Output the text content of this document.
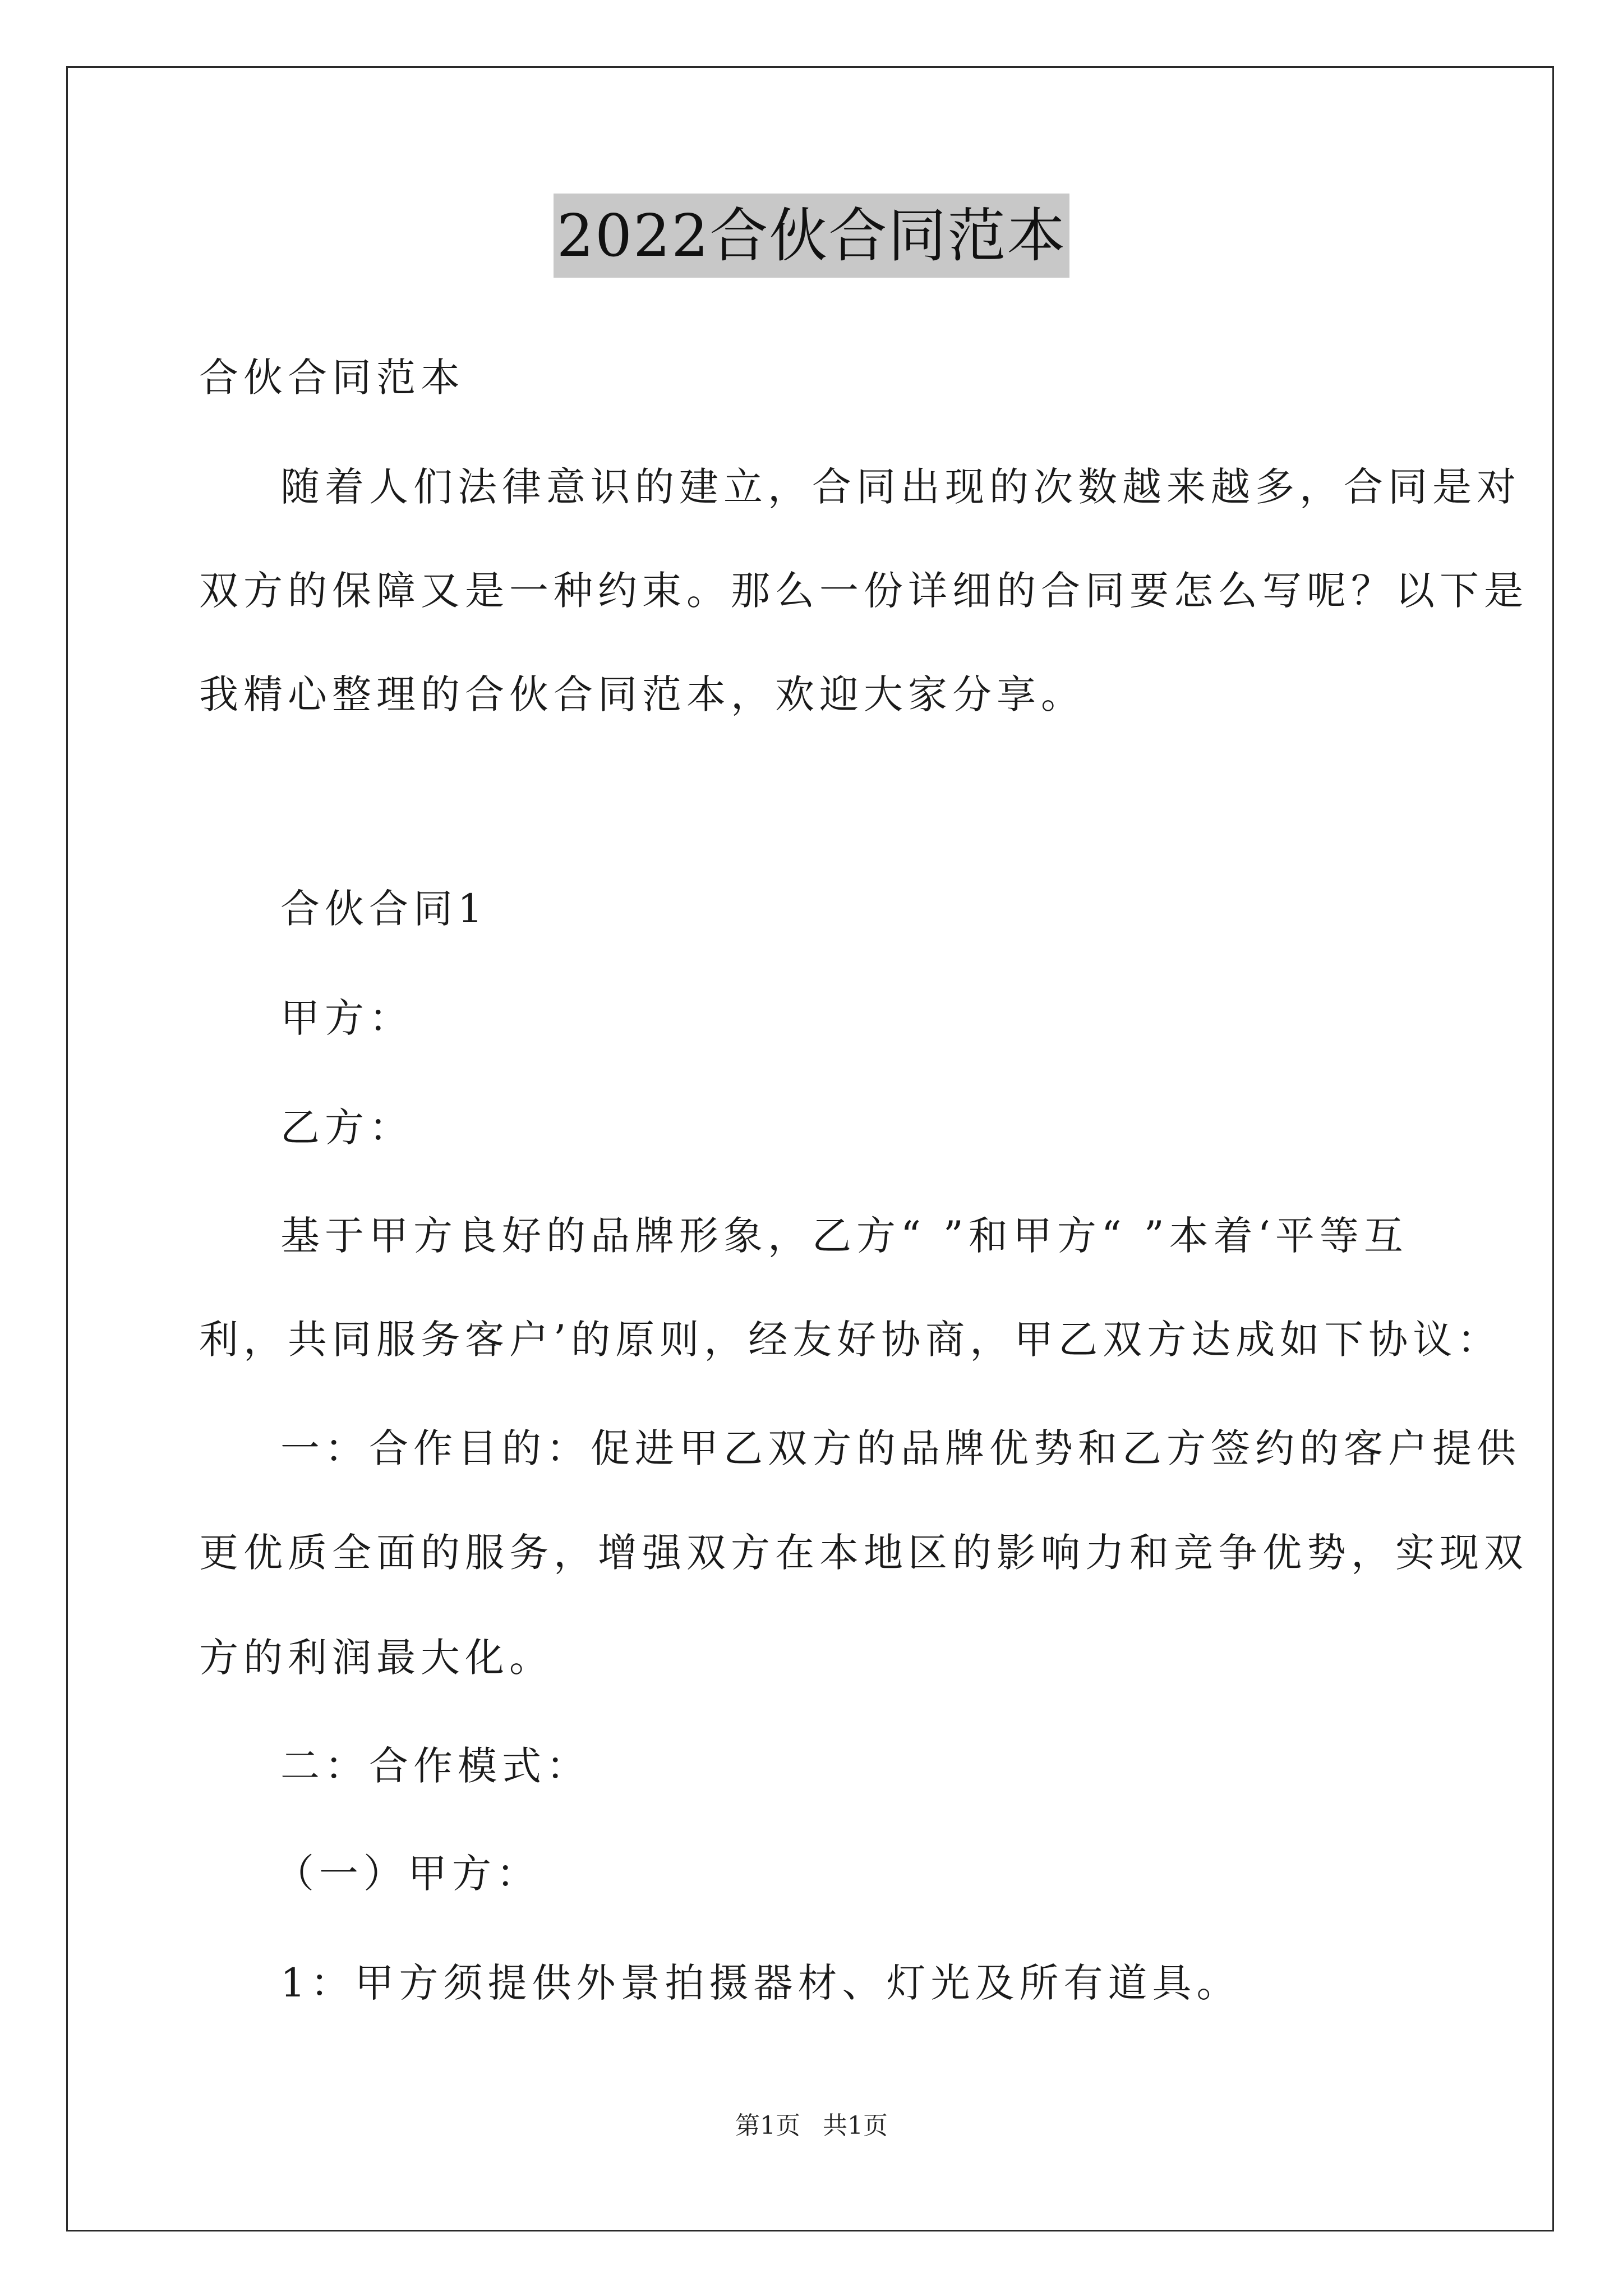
2022合伙合同范本
合伙合同范本
随着人们法律意识的建立，合同出现的次数越来越多，合同是对
双方的保障又是一种约束。那么一份详细的合同要怎么写呢？以下是
我精心整理的合伙合同范本，欢迎大家分享。
合伙合同1
甲方：
乙方：
基于甲方良好的品牌形象，乙方“ ”和甲方“ ”本着‘平等互
利，共同服务客户’的原则，经友好协商，甲乙双方达成如下协议：
一：合作目的：促进甲乙双方的品牌优势和乙方签约的客户提供
更优质全面的服务，增强双方在本地区的影响力和竞争优势，实现双
方的利润最大化。
二：合作模式：
（一）甲方：
1：甲方须提供外景拍摄器材、灯光及所有道具。
第1页 共1页
